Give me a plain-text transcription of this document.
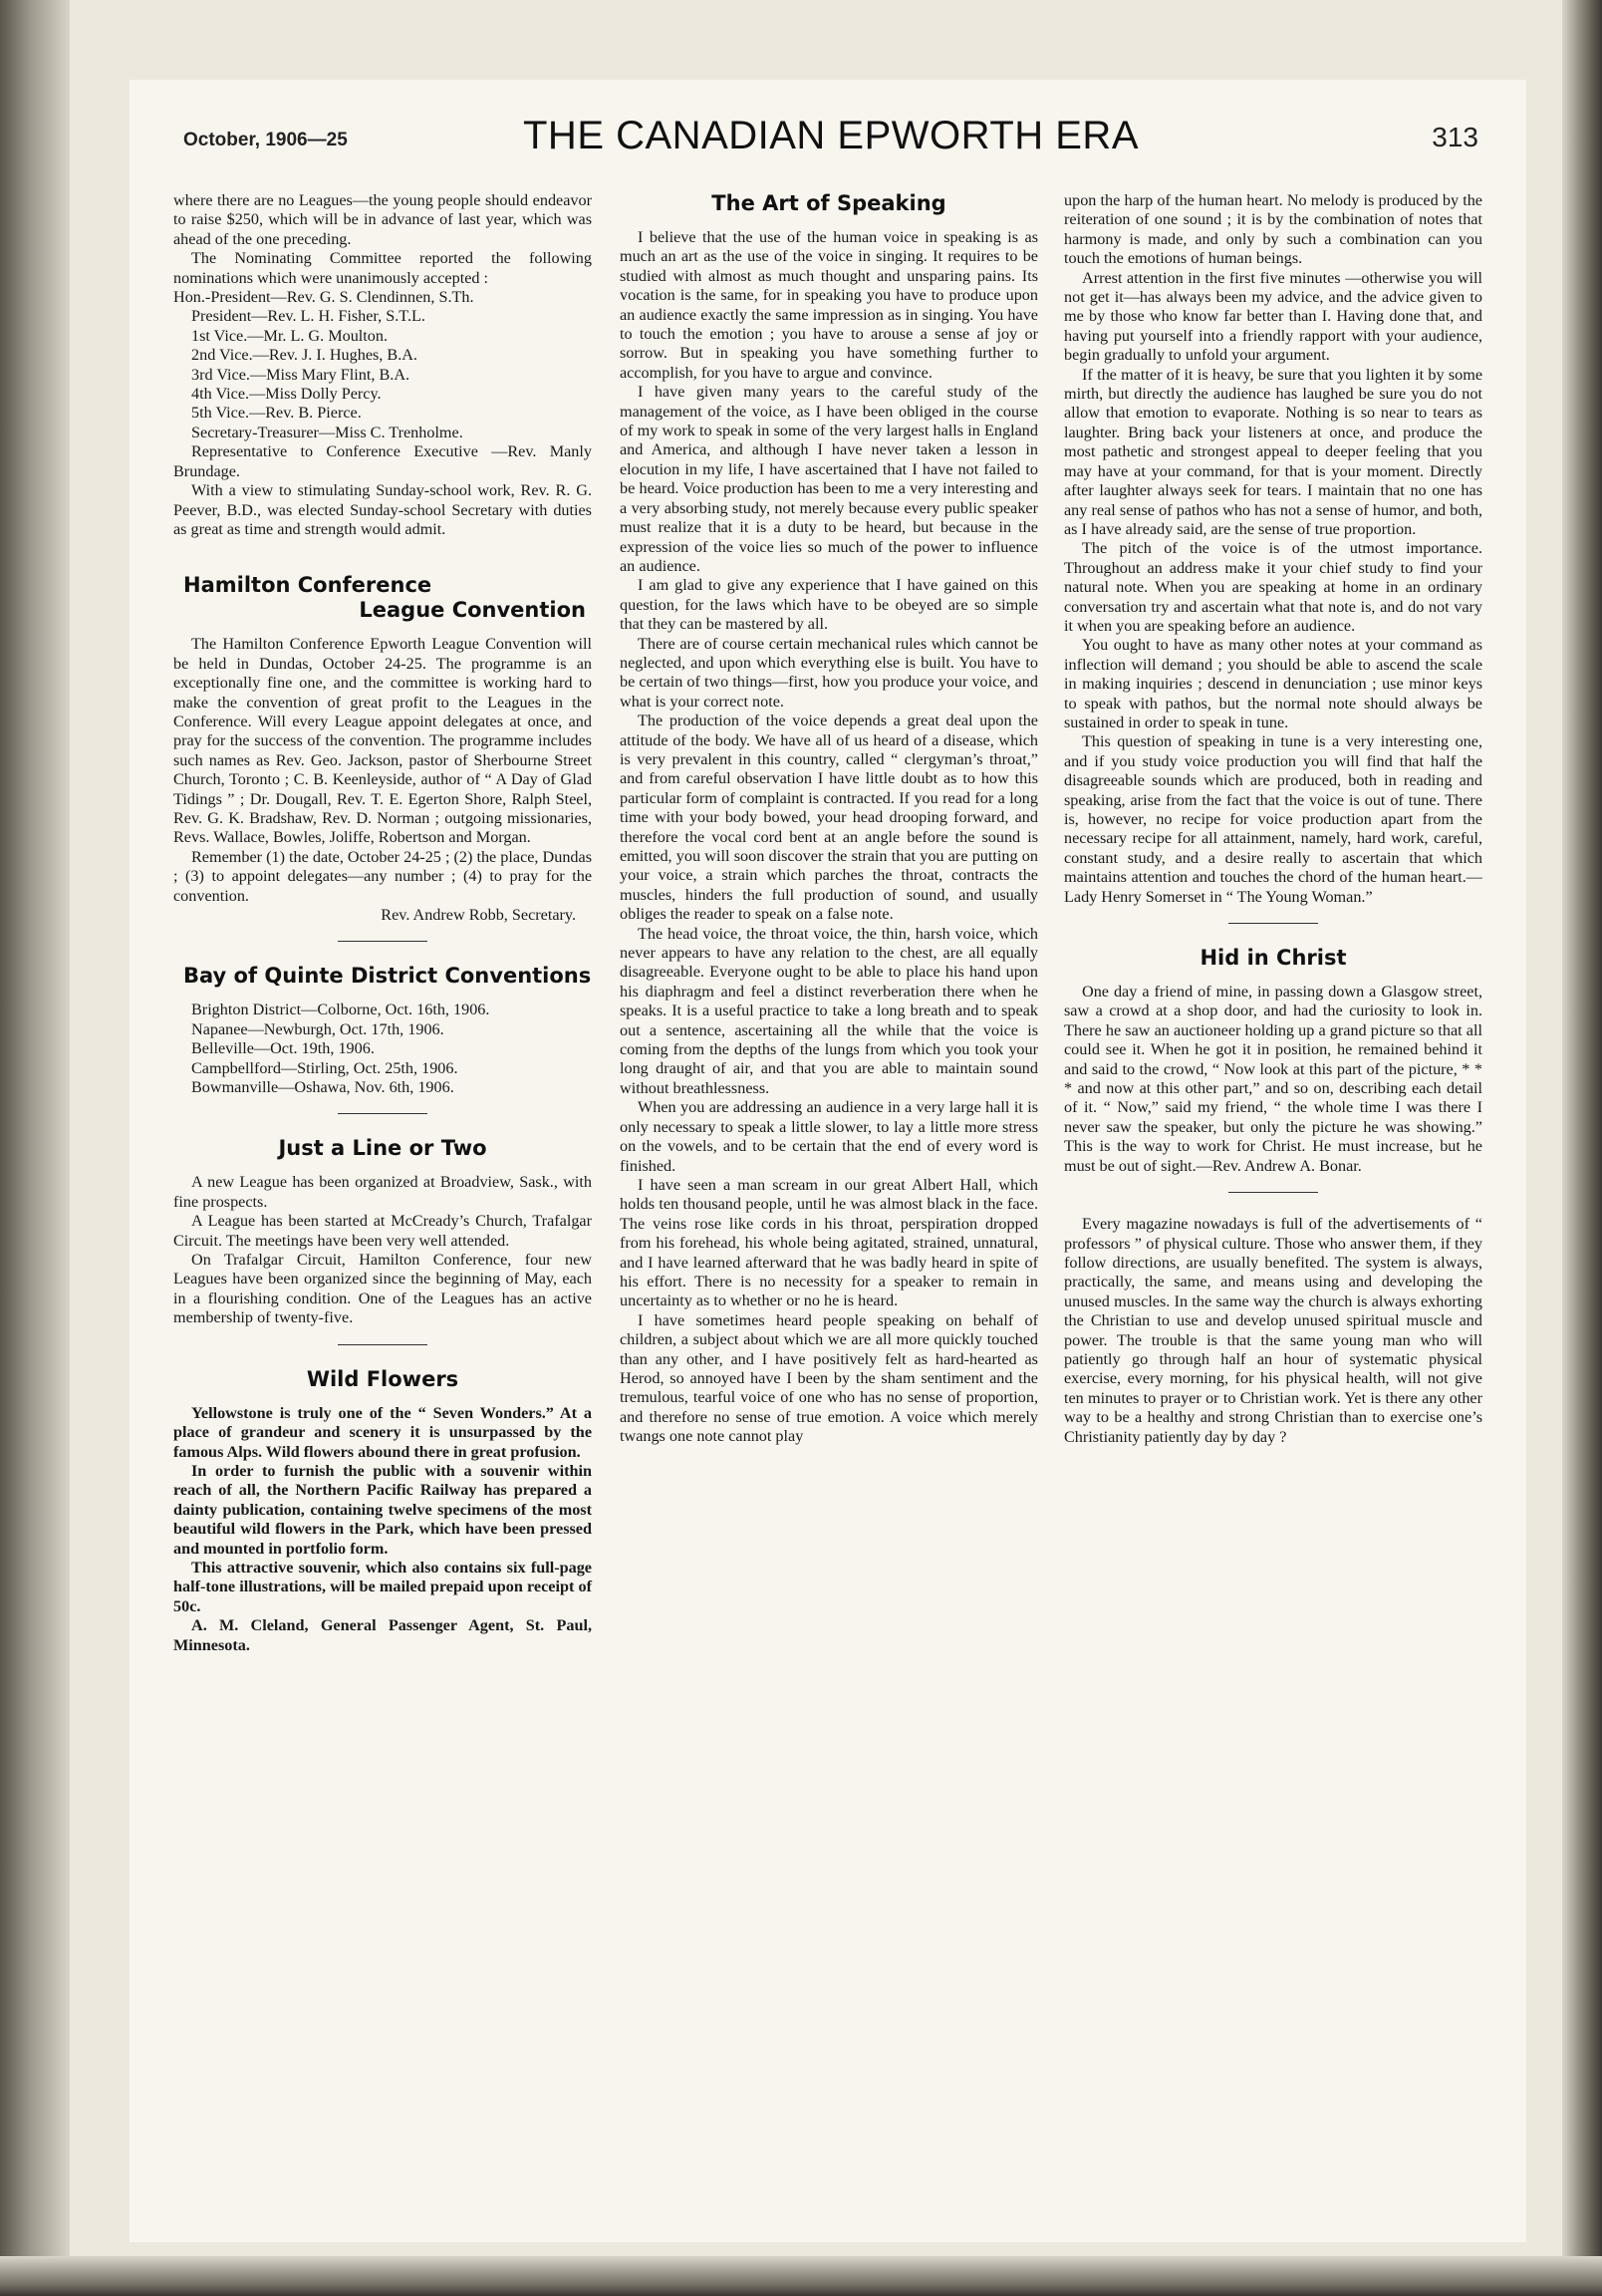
October, 1906—25	THE CANADIAN EPWORTH ERA	313

where there are no Leagues—the young people should endeavor to raise $250, which will be in advance of last year, which was ahead of the one preceding.

The Nominating Committee reported the following nominations which were unanimously accepted :

Hon.-President—Rev. G. S. Clendinnen, S.Th.

President—Rev. L. H. Fisher, S.T.L.

1st Vice.—Mr. L. G. Moulton.

2nd Vice.—Rev. J. I. Hughes, B.A.

3rd Vice.—Miss Mary Flint, B.A.

4th Vice.—Miss Dolly Percy.

5th Vice.—Rev. B. Pierce.

Secretary-Treasurer—Miss C. Trenholme.

Representative to Conference Executive —Rev. Manly Brundage.

With a view to stimulating Sunday-school work, Rev. R. G. Peever, B.D., was elected Sunday-school Secretary with duties as great as time and strength would admit.

Hamilton Conference
League Convention

The Hamilton Conference Epworth League Convention will be held in Dundas, October 24-25. The programme is an exceptionally fine one, and the committee is working hard to make the convention of great profit to the Leagues in the Conference. Will every League appoint delegates at once, and pray for the success of the convention. The programme includes such names as Rev. Geo. Jackson, pastor of Sherbourne Street Church, Toronto ; C. B. Keenleyside, author of “ A Day of Glad Tidings ” ; Dr. Dougall, Rev. T. E. Egerton Shore, Ralph Steel, Rev. G. K. Bradshaw, Rev. D. Norman ; outgoing missionaries, Revs. Wallace, Bowles, Joliffe, Robertson and Morgan.

Remember (1) the date, October 24-25 ; (2) the place, Dundas ; (3) to appoint delegates—any number ; (4) to pray for the convention.

Rev. Andrew Robb, Secretary.

Bay of Quinte District Conventions

Brighton District—Colborne, Oct. 16th, 1906.

Napanee—Newburgh, Oct. 17th, 1906.

Belleville—Oct. 19th, 1906.

Campbellford—Stirling, Oct. 25th, 1906.

Bowmanville—Oshawa, Nov. 6th, 1906.

Just a Line or Two

A new League has been organized at Broadview, Sask., with fine prospects.

A League has been started at McCready’s Church, Trafalgar Circuit. The meetings have been very well attended.

On Trafalgar Circuit, Hamilton Conference, four new Leagues have been organized since the beginning of May, each in a flourishing condition. One of the Leagues has an active membership of twenty-five.

Wild Flowers

Yellowstone is truly one of the “ Seven Wonders.” At a place of grandeur and scenery it is unsurpassed by the famous Alps. Wild flowers abound there in great profusion.

In order to furnish the public with a souvenir within reach of all, the Northern Pacific Railway has prepared a dainty publication, containing twelve specimens of the most beautiful wild flowers in the Park, which have been pressed and mounted in portfolio form.

This attractive souvenir, which also contains six full-page half-tone illustrations, will be mailed prepaid upon receipt of 50c.

A. M. Cleland, General Passenger Agent, St. Paul, Minnesota.

The Art of Speaking

I believe that the use of the human voice in speaking is as much an art as the use of the voice in singing. It requires to be studied with almost as much thought and unsparing pains. Its vocation is the same, for in speaking you have to produce upon an audience exactly the same impression as in singing. You have to touch the emotion ; you have to arouse a sense af joy or sorrow. But in speaking you have something further to accomplish, for you have to argue and convince.

I have given many years to the careful study of the management of the voice, as I have been obliged in the course of my work to speak in some of the very largest halls in England and America, and although I have never taken a lesson in elocution in my life, I have ascertained that I have not failed to be heard. Voice production has been to me a very interesting and a very absorbing study, not merely because every public speaker must realize that it is a duty to be heard, but because in the expression of the voice lies so much of the power to influence an audience.

I am glad to give any experience that I have gained on this question, for the laws which have to be obeyed are so simple that they can be mastered by all.

There are of course certain mechanical rules which cannot be neglected, and upon which everything else is built. You have to be certain of two things—first, how you produce your voice, and what is your correct note.

The production of the voice depends a great deal upon the attitude of the body. We have all of us heard of a disease, which is very prevalent in this country, called “ clergyman’s throat,” and from careful observation I have little doubt as to how this particular form of complaint is contracted. If you read for a long time with your body bowed, your head drooping forward, and therefore the vocal cord bent at an angle before the sound is emitted, you will soon discover the strain that you are putting on your voice, a strain which parches the throat, contracts the muscles, hinders the full production of sound, and usually obliges the reader to speak on a false note.

The head voice, the throat voice, the thin, harsh voice, which never appears to have any relation to the chest, are all equally disagreeable. Everyone ought to be able to place his hand upon his diaphragm and feel a distinct reverberation there when he speaks. It is a useful practice to take a long breath and to speak out a sentence, ascertaining all the while that the voice is coming from the depths of the lungs from which you took your long draught of air, and that you are able to maintain sound without breathlessness.

When you are addressing an audience in a very large hall it is only necessary to speak a little slower, to lay a little more stress on the vowels, and to be certain that the end of every word is finished.

I have seen a man scream in our great Albert Hall, which holds ten thousand people, until he was almost black in the face. The veins rose like cords in his throat, perspiration dropped from his forehead, his whole being agitated, strained, unnatural, and I have learned afterward that he was badly heard in spite of his effort. There is no necessity for a speaker to remain in uncertainty as to whether or no he is heard.

I have sometimes heard people speaking on behalf of children, a subject about which we are all more quickly touched than any other, and I have positively felt as hard-hearted as Herod, so annoyed have I been by the sham sentiment and the tremulous, tearful voice of one who has no sense of proportion, and therefore no sense of true emotion. A voice which merely twangs one note cannot play

upon the harp of the human heart. No melody is produced by the reiteration of one sound ; it is by the combination of notes that harmony is made, and only by such a combination can you touch the emotions of human beings.

Arrest attention in the first five minutes —otherwise you will not get it—has always been my advice, and the advice given to me by those who know far better than I. Having done that, and having put yourself into a friendly rapport with your audience, begin gradually to unfold your argument.

If the matter of it is heavy, be sure that you lighten it by some mirth, but directly the audience has laughed be sure you do not allow that emotion to evaporate. Nothing is so near to tears as laughter. Bring back your listeners at once, and produce the most pathetic and strongest appeal to deeper feeling that you may have at your command, for that is your moment. Directly after laughter always seek for tears. I maintain that no one has any real sense of pathos who has not a sense of humor, and both, as I have already said, are the sense of true proportion.

The pitch of the voice is of the utmost importance. Throughout an address make it your chief study to find your natural note. When you are speaking at home in an ordinary conversation try and ascertain what that note is, and do not vary it when you are speaking before an audience.

You ought to have as many other notes at your command as inflection will demand ; you should be able to ascend the scale in making inquiries ; descend in denunciation ; use minor keys to speak with pathos, but the normal note should always be sustained in order to speak in tune.

This question of speaking in tune is a very interesting one, and if you study voice production you will find that half the disagreeable sounds which are produced, both in reading and speaking, arise from the fact that the voice is out of tune. There is, however, no recipe for voice production apart from the necessary recipe for all attainment, namely, hard work, careful, constant study, and a desire really to ascertain that which maintains attention and touches the chord of the human heart.—Lady Henry Somerset in “ The Young Woman.”

Hid in Christ

One day a friend of mine, in passing down a Glasgow street, saw a crowd at a shop door, and had the curiosity to look in. There he saw an auctioneer holding up a grand picture so that all could see it. When he got it in position, he remained behind it and said to the crowd, “ Now look at this part of the picture, * * * and now at this other part,” and so on, describing each detail of it. “ Now,” said my friend, “ the whole time I was there I never saw the speaker, but only the picture he was showing.” This is the way to work for Christ. He must increase, but he must be out of sight.—Rev. Andrew A. Bonar.

Every magazine nowadays is full of the advertisements of “ professors ” of physical culture. Those who answer them, if they follow directions, are usually benefited. The system is always, practically, the same, and means using and developing the unused muscles. In the same way the church is always exhorting the Christian to use and develop unused spiritual muscle and power. The trouble is that the same young man who will patiently go through half an hour of systematic physical exercise, every morning, for his physical health, will not give ten minutes to prayer or to Christian work. Yet is there any other way to be a healthy and strong Christian than to exercise one’s Christianity patiently day by day ?
